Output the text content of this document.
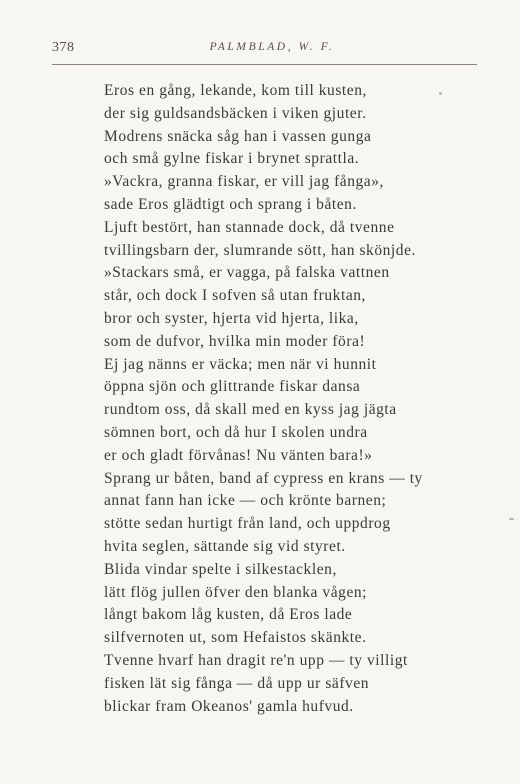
378	PALMBLAD, W. F.
Eros en gång, lekande, kom till kusten,
der sig guldsandsbäcken i viken gjuter.
Modrens snäcka såg han i vassen gunga
och små gylne fiskar i brynet sprattla.
»Vackra, granna fiskar, er vill jag fånga»,
sade Eros glädtigt och sprang i båten.
Ljuft bestört, han stannade dock, då tvenne
tvillingsbarn der, slumrande sött, han skönjde.
»Stackars små, er vagga, på falska vattnen
står, och dock I sofven så utan fruktan,
bror och syster, hjerta vid hjerta, lika,
som de dufvor, hvilka min moder föra!
Ej jag nänns er väcka; men när vi hunnit
öppna sjön och glittrande fiskar dansa
rundtom oss, då skall med en kyss jag jägta
sömnen bort, och då hur I skolen undra
er och gladt förvånas! Nu vänten bara!»
Sprang ur båten, band af cypress en krans — ty
annat fann han icke — och krönte barnen;
stötte sedan hurtigt från land, och uppdrog
hvita seglen, sättande sig vid styret.
Blida vindar spelte i silkestacklen,
lätt flög jullen öfver den blanka vågen;
långt bakom låg kusten, då Eros lade
silfvernoten ut, som Hefaistos skänkte.
Tvenne hvarf han dragit re'n upp — ty villigt
fisken lät sig fånga — då upp ur säfven
blickar fram Okeanos' gamla hufvud.
